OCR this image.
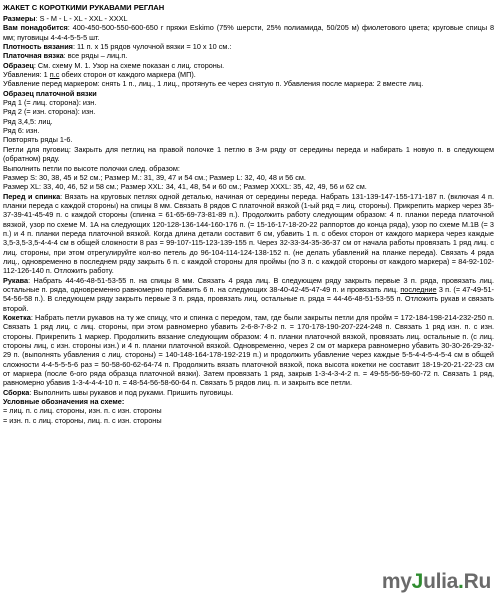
ЖАКЕТ С КОРОТКИМИ РУКАВАМИ РЕГЛАН

Размеры: S - M - L - XL - XXL - XXXL

Вам понадобится: 400-450-500-550-600-650 г пряжи Eskimo (75% шерсти, 25% полиамида, 50/205 м) фиолетового цвета; круговые спицы 8 мм; пуговицы 4-4-4-5-5-5 шт.

Плотность вязания: 11 п. х 15 рядов чулочной вязки = 10 х 10 см.:

Платочная вязка: все ряды – лиц.п.

Образец: См. схему М. 1. Узор на схеме показан с лиц. стороны.

Убавления: 1 п.с обеих сторон от каждого маркера (МП).

Убавление перед маркером: снять 1 п., лиц., 1 лиц., протянуть ее через снятую п. Убавления после маркера: 2 вместе лиц.

Образец платочной вязки

Ряд 1 (= лиц. сторона): изн.

Ряд 2 (= изн. сторона): изн.

Ряд 3,4,5: лиц.

Ряд 6: изн.

Повторять ряды 1-6.

Петли для пуговиц: Закрыть для петлиц на правой полочке 1 петлю в 3-м ряду от середины переда и набирать 1 новую п. в следующем (обратном) ряду.

Выполнить петли по высоте полочки след. образом:

Размер S: 30, 38, 45 и 52 см.; Размер M.: 31, 39, 47 и 54 см.; Размер L: 32, 40, 48 и 56 см.

Размер XL: 33, 40, 46, 52 и 58 см.; Размер XXL: 34, 41, 48, 54 и 60 см.; Размер XXXL: 35, 42, 49, 56 и 62 см.

Перед и спинка: Вязать на круговых петлях одной деталью, начиная от середины переда. Набрать 131-139-147-155-171-187 п. (включая 4 п. планки переда с каждой стороны) на спицы 8 мм. Связать 8 рядов С платочной вязкой (1-ый ряд = лиц. стороны). Прикрепить маркер через 35-37-39-41-45-49 п. с каждой стороны (спинка = 61-65-69-73-81-89 п.). Продолжить работу следующим образом: 4 п. планки переда платочной вязкой, узор по схеме М. 1А на следующих 120-128-136-144-160-176 п. (= 15-16-17-18-20-22 раппортов до конца ряда), узор по схеме М.1B (= 3 п.) и 4 п. планки переда платочной вязкой. Когда длина детали составит 6 см, убавить 1 п. с обеих сторон от каждого маркера через каждые 3,5-3,5-3,5-4-4-4 см в общей сложности 8 раз = 99-107-115-123-139-155 п. Через 32-33-34-35-36-37 см от начала работы провязать 1 ряд лиц. с лиц. стороны, при этом отрегулируйте кол-во петель до 96-104-114-124-138-152 п. (не делать убавлений на планке переда). Связать 4 ряда лиц., одновременно в последнем ряду закрыть 6 п. с каждой стороны для проймы (по 3 п. с каждой стороны от каждого маркера) = 84-92-102-112-126-140 п. Отложить работу.

Рукава: Набрать 44-46-48-51-53-55 п. на спицы 8 мм. Связать 4 ряда лиц. В следующем ряду закрыть первые 3 п. ряда, провязать лиц. остальные п. ряда, одновременно равномерно прибавить 6 п. на следующих 38-40-42-45-47-49 п. и провязать лиц. последние 3 п. (= 47-49-51-54-56-58 п.). В следующем ряду закрыть первые 3 п. ряда, провязать лиц. остальные п. ряда = 44-46-48-51-53-55 п. Отложить рукав и связать второй.

Кокетка: Набрать петли рукавов на ту же спицу, что и спинка с передом, там, где были закрыты петли для пройм = 172-184-198-214-232-250 п. Связать 1 ряд лиц. с лиц. стороны, при этом равномерно убавить 2-6-8-7-8-2 п. = 170-178-190-207-224-248 п. Связать 1 ряд изн. п. с изн. стороны. Прикрепить 1 маркер. Продолжить вязание следующим образом: 4 п. планки платочной вязкой, провязать лиц. остальные п. (с лиц. стороны лиц, с изн. стороны изн.) и 4 п. планки платочной вязкой. Одновременно, через 2 см от маркера равномерно убавить 30-30-26-29-32-29 п. (выполнять убавления с лиц. стороны) = 140-148-164-178-192-219 п.) и продолжить убавление через каждые 5-5-4-4-5-4-5-4 см в общей сложности 4-4-5-5-5-6 раз = 50-58-60-62-64-74 п. Продолжить вязать платочной вязкой, пока высота кокетки не составит 18-19-20-21-22-23 см от маркера (после 6-ого ряда образца платочной вязки). Затем провязать 1 ряд, закрыв 1-3-4-3-4-2 п. = 49-55-56-59-60-72 п. Связать 1 ряд, равномерно убавив 1-3-4-4-4-10 п. = 48-54-56-58-60-64 п. Связать 5 рядов лиц. п. и закрыть все петли.

Сборка: Выполнить швы рукавов и под руками. Пришить пуговицы.

Условные обозначения на схеме:

= лиц. п. с лиц. стороны, изн. п. с изн. стороны

= изн. п. с лиц. стороны, лиц. п. с изн. стороны

myJulia.Ru
